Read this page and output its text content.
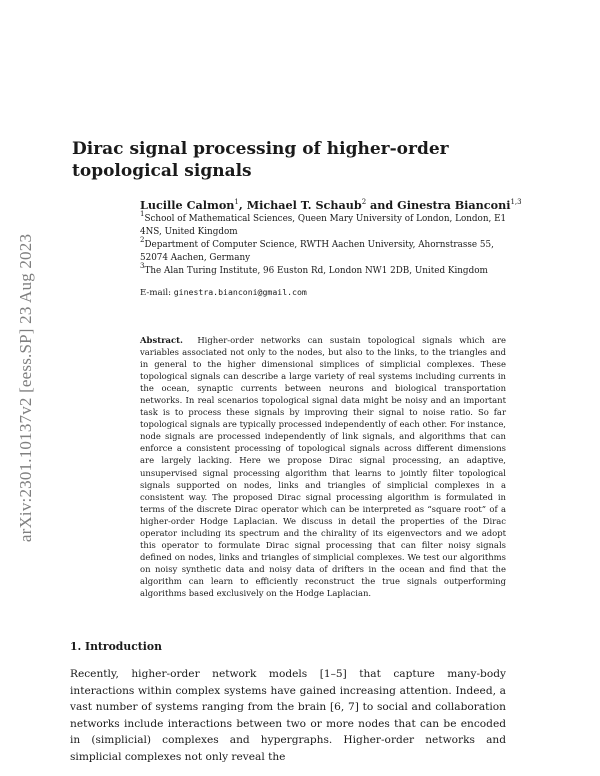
arXiv:2301.10137v2 [eess.SP] 23 Aug 2023
Dirac signal processing of higher-order topological signals
Lucille Calmon$^1$, Michael T. Schaub$^2$ and Ginestra Bianconi$^{1,3}$
$^1$School of Mathematical Sciences, Queen Mary University of London, London, E1 4NS, United Kingdom
$^2$Department of Computer Science, RWTH Aachen University, Ahornstrasse 55, 52074 Aachen, Germany
$^3$The Alan Turing Institute, 96 Euston Rd, London NW1 2DB, United Kingdom
E-mail: ginestra.bianconi@gmail.com
Abstract. Higher-order networks can sustain topological signals which are variables associated not only to the nodes, but also to the links, to the triangles and in general to the higher dimensional simplices of simplicial complexes. These topological signals can describe a large variety of real systems including currents in the ocean, synaptic currents between neurons and biological transportation networks. In real scenarios topological signal data might be noisy and an important task is to process these signals by improving their signal to noise ratio. So far topological signals are typically processed independently of each other. For instance, node signals are processed independently of link signals, and algorithms that can enforce a consistent processing of topological signals across different dimensions are largely lacking. Here we propose Dirac signal processing, an adaptive, unsupervised signal processing algorithm that learns to jointly filter topological signals supported on nodes, links and triangles of simplicial complexes in a consistent way. The proposed Dirac signal processing algorithm is formulated in terms of the discrete Dirac operator which can be interpreted as “square root” of a higher-order Hodge Laplacian. We discuss in detail the properties of the Dirac operator including its spectrum and the chirality of its eigenvectors and we adopt this operator to formulate Dirac signal processing that can filter noisy signals defined on nodes, links and triangles of simplicial complexes. We test our algorithms on noisy synthetic data and noisy data of drifters in the ocean and find that the algorithm can learn to efficiently reconstruct the true signals outperforming algorithms based exclusively on the Hodge Laplacian.
1. Introduction
Recently, higher-order network models [1–5] that capture many-body interactions within complex systems have gained increasing attention. Indeed, a vast number of systems ranging from the brain [6, 7] to social and collaboration networks include interactions between two or more nodes that can be encoded in (simplicial) complexes and hypergraphs. Higher-order networks and simplicial complexes not only reveal the
